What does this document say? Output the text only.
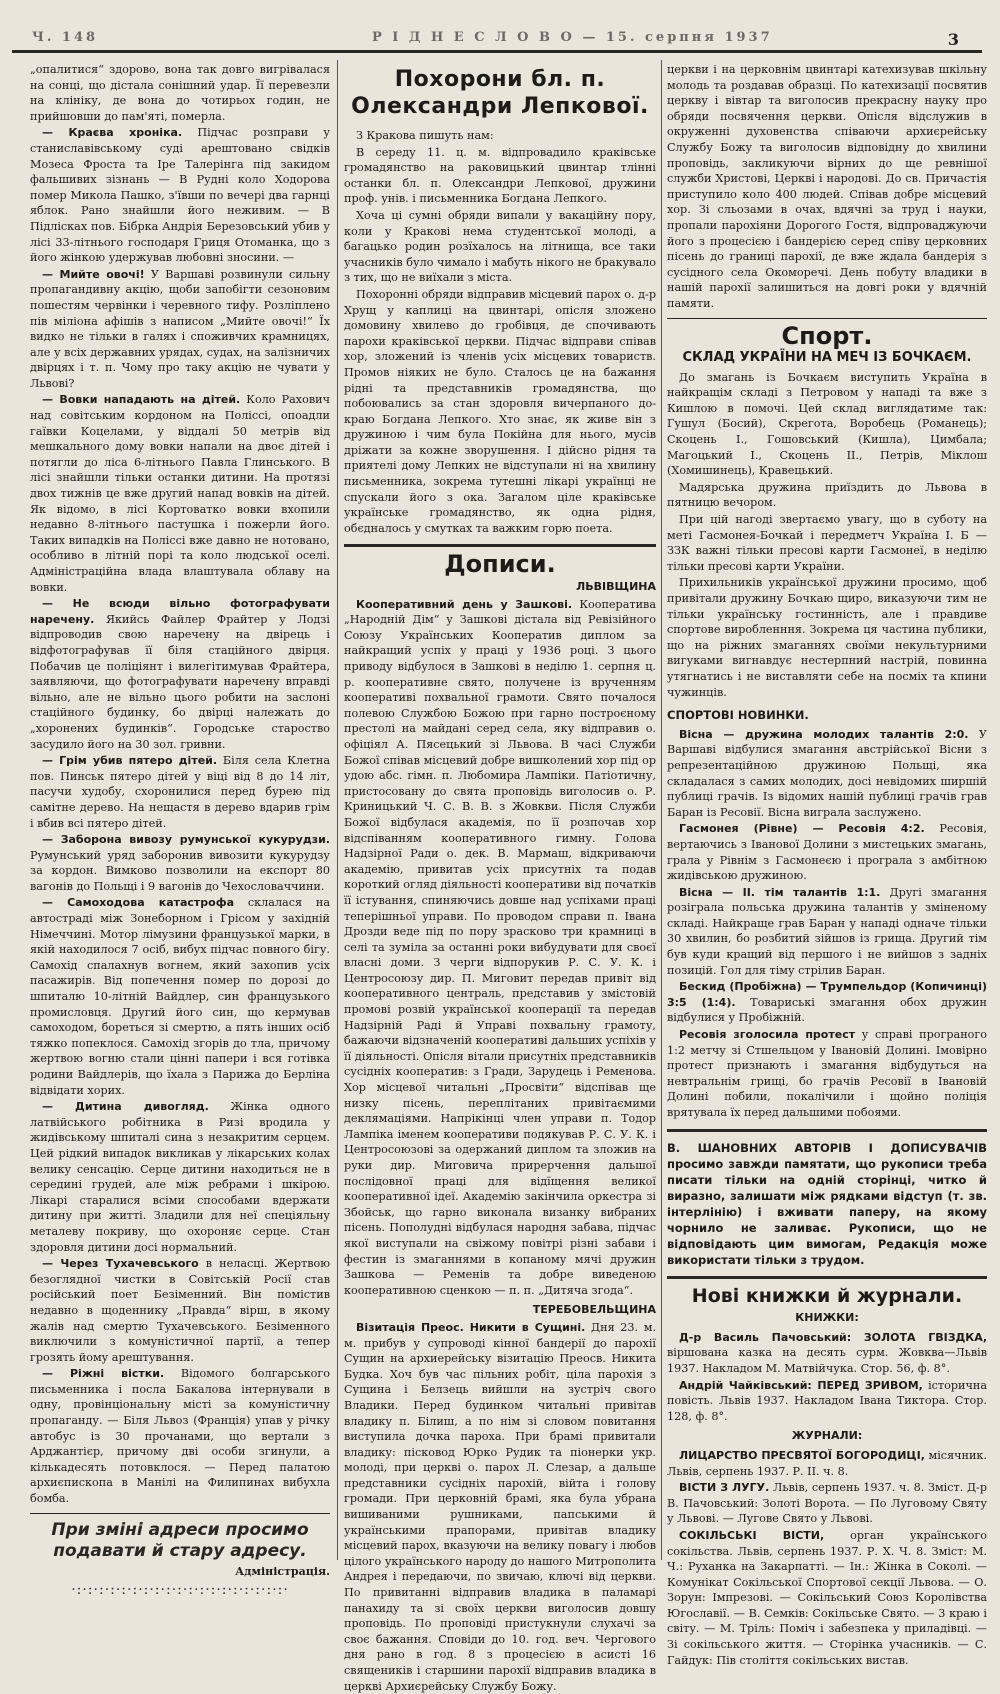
Ч. 148	Р I Д Н Е С Л О В О — 15. серпня 1937	3

„опалитися“ здорово, вона так довго вигрівалася на сонці, що дістала сонішний удар. Її перевезли на клініку, де вона до чотирьох годин, не прийшовши до пам'яті, померла.

— Краєва хроніка. Підчас розправи у станиславівському суді арештовано свідків Мозеса Фроста та Іре Талерінга під закидом фальшивих зізнань — В Рудні коло Ходорова помер Микола Пашко, з'ївши по вечері два гарнці яблок. Рано знайшли його неживим. — В Підлісках пов. Бібрка Андрія Березовський убив у лісі 33-літнього господаря Гриця Отоманка, що з його жінкою удержував любовні зносини. —

— Мийте овочі! У Варшаві розвинули сильну пропагандивну акцію, щоби запобігти сезоновим пошестям червінки і черевного тифу. Розліплено пів міліона афішів з написом „Мийте овочі!“ Їх видко не тільки в галях і споживчих крамницях, але у всіх державних урядах, судах, на залізничих двірцях і т. п. Чому про таку акцію не чувати у Львові?

— Вовки нападають на дітей. Коло Рахович над совітським кордоном на Поліссі, опоадли гаївки Коцелами, у віддалі 50 метрів від мешкального дому вовки напали на двоє дітей і потягли до ліса 6-літнього Павла Глинського. В лісі знайшли тільки останки дитини. На протязі двох тижнів це вже другий напад вовків на дітей. Як відомо, в лісі Кортоватко вовки вхопили недавно 8-літнього пастушка і пожерли його. Таких випадків на Поліссі вже давно не нотовано, особливо в літній порі та коло людської оселі. Адміністраційна влада влаштувала облаву на вовки.

— Не всюди вільно фотографувати наречену. Якийсь Файлер Фрайтер у Лодзі відпроводив свою наречену на двірець і відфотографував її біля стаційного двірця. Побачив це поліціянт і вилегітимував Фрайтера, заявляючи, що фотографувати наречену вправді вільно, але не вільно цього робити на заслоні стаційного будинку, бо двірці належать до „хоронених будинків“. Городське староство засудило його на 30 зол. гривни.

— Грім убив пятеро дітей. Біля села Клетна пов. Пинськ пятеро дітей у віці від 8 до 14 літ, пасучи худобу, схоронилися перед бурею під самітне дерево. На нещастя в дерево вдарив грім і вбив всі пятеро дітей.

— Заборона вивозу румунської кукурудзи. Румунський уряд заборонив вивозити кукурудзу за кордон. Вимково позволили на експорт 80 вагонів до Польщі і 9 вагонів до Чехословаччини.

— Самоходова катастрофа склалася на автостраді між Зонеборном і Грісом у західній Німеччині. Мотор лімузини французької марки, в якій находилося 7 осіб, вибух підчас повного бігу. Самохід спалахнув вогнем, який захопив усіх пасажирів. Від попечення помер по дорозі до шпиталю 10-літній Вайдлер, син французького промисловця. Другий його син, що кермував самоходом, бореться зі смертю, а пять інших осіб тяжко попеклося. Самохід згорів до тла, причому жертвою вогню стали цінні папери і вся готівка родини Вайдлерів, що їхала з Парижа до Берліна відвідати хорих.

— Дитина дивогляд. Жінка одного латвійського робітника в Ризі вродила у жидівському шпиталі сина з незакритим серцем. Цей рідкий випадок викликав у лікарських колах велику сенсацію. Серце дитини находиться не в середині грудей, але між ребрами і шкірою. Лікарі старалися всіми способами вдержати дитину при житті. Зладили для неї спеціяльну металеву покриву, що охороняє серце. Стан здоровля дитини досі нормальний.

— Через Тухачевського в неласці. Жертвою безоглядної чистки в Совітській Росії став російський поет Безіменний. Він помістив недавно в щоденнику „Правда“ вірш, в якому жалів над смертю Тухачевського. Безіменного виключили з комуністичної партії, а тепер грозять йому арештування.

— Ріжні вістки. Відомого болгарського письменника і посла Бакалова інтернували в одну, провінціональну місті за комуністичну пропаганду. — Біля Львоз (Франція) упав у річку автобус із 30 прочанами, що вертали з Арджантієр, причому дві особи згинули, а кількадесять потовклося. — Перед палатою архиєпископа в Манілі на Филипинах вибухла бомба.

При зміні адреси просимо подавати й стару адресу.
Адміністрація.
·:·:·:·:·:·:·:·:·:·:·:·:·:·:·:·:·:·:·:·
Похорони бл. п. Олександри Лепкової.

З Кракова пишуть нам:

В середу 11. ц. м. відпровадило краківське громадянство на раковицький цвинтар тлінні останки бл. п. Олександри Лепкової, дружини проф. унів. і письменника Богдана Лепкого.

Хоча ці сумні обряди випали у вакаційну пору, коли у Кракові нема студентської молоді, а багацько родин розїхалось на літнища, все таки учасників було чимало і мабуть нікого не бракувало з тих, що не виїхали з міста.

Похоронні обряди відправив місцевий парох о. д-р Хрущ у каплиці на цвинтарі, опісля зложено домовину хвилево до гробівця, де спочивають парохи краківської церкви. Підчас відправи співав хор, зложений із членів усіх місцевих товариств. Промов ніяких не було. Сталось це на бажання рідні та представників громадянства, що побоювались за стан здоровля вичерпаного до-краю Богдана Лепкого. Хто знає, як живе він з дружиною і чим була Покійна для нього, мусів дріжати за кожне зворушення. І дійсно рідня та приятелі дому Лепких не відступали ні на хвилину письменника, зокрема тутешні лікарі українці не спускали його з ока. Загалом ціле краківське українське громадянство, як одна рідня, обєдналось у смутках та важким горю поета.

Дописи.
ЛЬВІВЩИНА

Кооперативний день у Зашкові. Кооператива „Народній Дім“ у Зашкові дістала від Ревізійного Союзу Українських Кооператив диплом за найкращий успіх у праці у 1936 році. З цього приводу відбулося в Зашкові в неділю 1. серпня ц. р. кооперативне свято, получене із врученням кооперативі похвальної грамоти. Свято почалося полевою Службою Божою при гарно построєному престолі на майдані серед села, яку відправив о. офіціял А. Пясецький зі Львова. В часі Служби Божої співав місцевий добре вишколений хор під ор удою абс. гімн. п. Любомира Лампіки. Патіотичну, пристосовану до свята проповідь виголосив о. Р. Криницький Ч. С. В. В. з Жовкви. Після Служби Божої відбулася академія, по її розпочав хор відспіванням кооперативного гимну. Голова Надзірної Ради о. дек. В. Мармаш, відкриваючи академію, привитав усіх присутніх та подав короткий огляд діяльності кооперативи від початків її істування, спиняючись довше над успіхами праці теперішньої управи. По проводом справи п. Івана Дрозди веде під по пору зрасково три крамниці в селі та зуміла за останні роки вибудувати для своєї власні доми. З черги відпорукив Р. С. У. К. і Центросоюзу дир. П. Миговит передав привіт від кооперативного централь, представив у змістовій промові розвій української кооперації та передав Надзірній Раді й Управі похвальну грамоту, бажаючи відзначеній кооперативі дальших успіхів у її діяльності. Опісля вітали присутніх представників сусідніх кооператив: з Гради, Зарудець і Ременова. Хор місцевої читальні „Просвіти“ відспівав ще низку пісень, переплітаних привітаємими деклямаціями. Напрікінці член управи п. Тодор Лампіка іменем кооперативи подякував Р. С. У. К. і Центросоюзові за одержаний диплом та зложив на руки дир. Миговича прирерчення дальшої послідовної праці для відїщення великої кооперативної ідеї. Академію закінчила оркестра зі Збойськ, що гарно виконала визанку вибраних пісень. Пополудні відбулася народня забава, підчас якої виступали на свіжому повітрі різні забави і фестин із змаганнями в копаному мячі дружин Зашкова — Ременів та добре виведеною кооперативною сценкою — п. п. „Дитяча згода“.

ТЕРЕБОВЕЛЬЩИНА

Візитація Преос. Никити в Сущині. Дня 23. м. м. прибув у супроводі кінної бандерії до парохії Сущин на архиерейську візитацію Преосв. Никита Будка. Хоч був час пільних робіт, ціла парохія з Сущина і Белзець вийшли на зустріч свого Владики. Перед будинком читальні привітав владику п. Білиш, а по нім зі словом повитання виступила дочка пароха. При брамі привитали владику: пісковод Юрко Рудик та піонерки укр. молоді, при церкві о. парох Л. Слезар, а дальше представники сусідніх парохій, війта і голову громади. При церковній брамі, яка була убрана вишиваними рушниками, папськими й українськими прапорами, привітав владику місцевий парох, вказуючи на велику повагу і любов цілого українського народу до нашого Митрополита Андрея і передаючи, по звичаю, ключі від церкви. По привитанні відправив владика в паламарі панахиду та зі своїх церкви виголосив довшу проповідь. По проповіді пристукнули слухачі за своє бажання. Сповіди до 10. год. веч. Чергового дня рано в год. 8 з процесією в асисті 16 священиків і старшини парохії відправив владика в церкві Архиєрейську Службу Божу.

церкви і на церковнім цвинтарі катехизував шкільну молодь та роздавав образці. По катехизації посвятив церкву і вівтар та виголосив прекрасну науку про обряди посвячення церкви. Опісля відслужив в окруженні духовенства співаючи архиєрейську Службу Божу та виголосив відповідну до хвилини проповідь, закликуючи вірних до ще ревнішої служби Христові, Церкві і народові. До св. Причастія приступило коло 400 людей. Співав добре місцевий хор. Зі сльозами в очах, вдячні за труд і науки, пропали парохіяни Дорогого Гостя, відпроваджуючи його з процесією і бандерією серед співу церковних пісень до границі парохії, де вже ждала бандерія з сусідного села Окоморечі. День побуту владики в нашій парохії залишиться на довгі роки у вдячній памяти.

Спорт.
СКЛАД УКРАЇНИ НА МЕЧ ІЗ БОЧКАЄМ.

До змагань із Бочкаєм виступить Україна в найкращім складі з Петровом у нападі та вже з Кишлою в помочі. Цей склад виглядатиме так: Гушул (Босий), Скрегота, Воробець (Романець); Скоцень І., Гошовський (Кишла), Цимбала; Магоцький І., Скоцень ІІ., Петрів, Міклош (Хомишинець), Кравецький.

Мадярська дружина приїздить до Львова в пятницю вечором.

При цій нагоді звертаємо увагу, що в суботу на меті Гасмонея-Бочкай і передметч Україна І. Б — ЗЗК важні тільки пресові карти Гасмонеї, в неділю тільки пресові карти України.

Прихильників української дружини просимо, щоб привітали дружину Бочкаю щиро, виказуючи тим не тільки українську гостинність, але і правдиве спортове виробленння. Зокрема ця частина публики, що на ріжних змаганнях своїми некультурними вигуками вигнавдує нестерпний настрій, повинна утягнатись і не виставляти себе на посміх та кпини чужинців.

СПОРТОВІ НОВИНКИ.

Вісна — дружина молодих талантів 2:0. У Варшаві відбулися змагання австрійської Вісни з репрезентаційною дружиною Польщі, яка складалася з самих молодих, досі невідомих ширшій публиці грачів. Із відомих нашій публиці грачів грав Баран із Ресовії. Вісна виграла заслужено.

Гасмонея (Рівне) — Ресовія 4:2. Ресовія, вертаючись з Іванової Долини з мистецьких змагань, грала у Рівнім з Гасмонеєю і програла з амбітною жидівською дружиною.

Вісна — ІІ. тім талантів 1:1. Другі змагання розіграла польська дружина талантів у зміненому складі. Найкраще грав Баран у нападі одначе тільки 30 хвилин, бо розбитий зійшов із грища. Другий тім був куди кращий від першого і не вийшов з задніх позицій. Гол для тіму стрілив Баран.

Бескид (Пробіжна) — Трумпельдор (Копичинці) 3:5 (1:4). Товариські змагання обох дружин відбулися у Пробіжній.

Ресовія зголосила протест у справі програного 1:2 метчу зі Стшельцом у Івановій Долині. Імовірно протест признають і змагання відбудуться на невтральнім грищі, бо грачів Ресовії в Івановій Долині побили, покалічили і щойно поліція врятувала їх перед дальшими побоями.

В. ШАНОВНИХ АВТОРІВ І ДОПИСУВАЧІВ просимо завжди памятати, що рукописи треба писати тільки на одній сторінці, читко й виразно, залишати між рядками відступ (т. зв. інтерлінію) і вживати паперу, на якому чорнило не заливає. Рукописи, що не відповідають цим вимогам, Редакція може використати тільки з трудом.
Нові книжки й журнали.
КНИЖКИ:

Д-р Василь Пачовський: ЗОЛОТА ГВІЗДКА, віршована казка на десять сурм. Жовква—Львів 1937. Накладом М. Матвійчука. Стор. 56, ф. 8°.

Андрій Чайківський: ПЕРЕД ЗРИВОМ, історична повість. Львів 1937. Накладом Івана Тиктора. Стор. 128, ф. 8°.

ЖУРНАЛИ:

ЛИЦАРСТВО ПРЕСВЯТОЇ БОГОРОДИЦІ, місячник. Львів, серпень 1937. Р. ІІ. ч. 8.

ВІСТИ З ЛУГУ. Львів, серпень 1937. ч. 8. Зміст. Д-р В. Пачовський: Золоті Ворота. — По Луговому Святу у Львові. — Лугове Свято у Львові.

СОКІЛЬСЬКІ ВІСТИ, орган українського сокільства. Львів, серпень 1937. Р. Х. Ч. 8. Зміст: М. Ч.: Руханка на Закарпатті. — Ін.: Жінка в Соколі. — Комунікат Сокільської Спортової секції Львова. — О. Зорун: Імпрезові. — Сокільський Союз Королівства Югославії. — В. Семків: Сокільське Свято. — 3 краю і світу. — М. Тріль: Поміч і забезпека у приладівці. — Зі сокільського життя. — Сторінка учасників. — С. Гайдук: Пів століття сокільських вистав.
